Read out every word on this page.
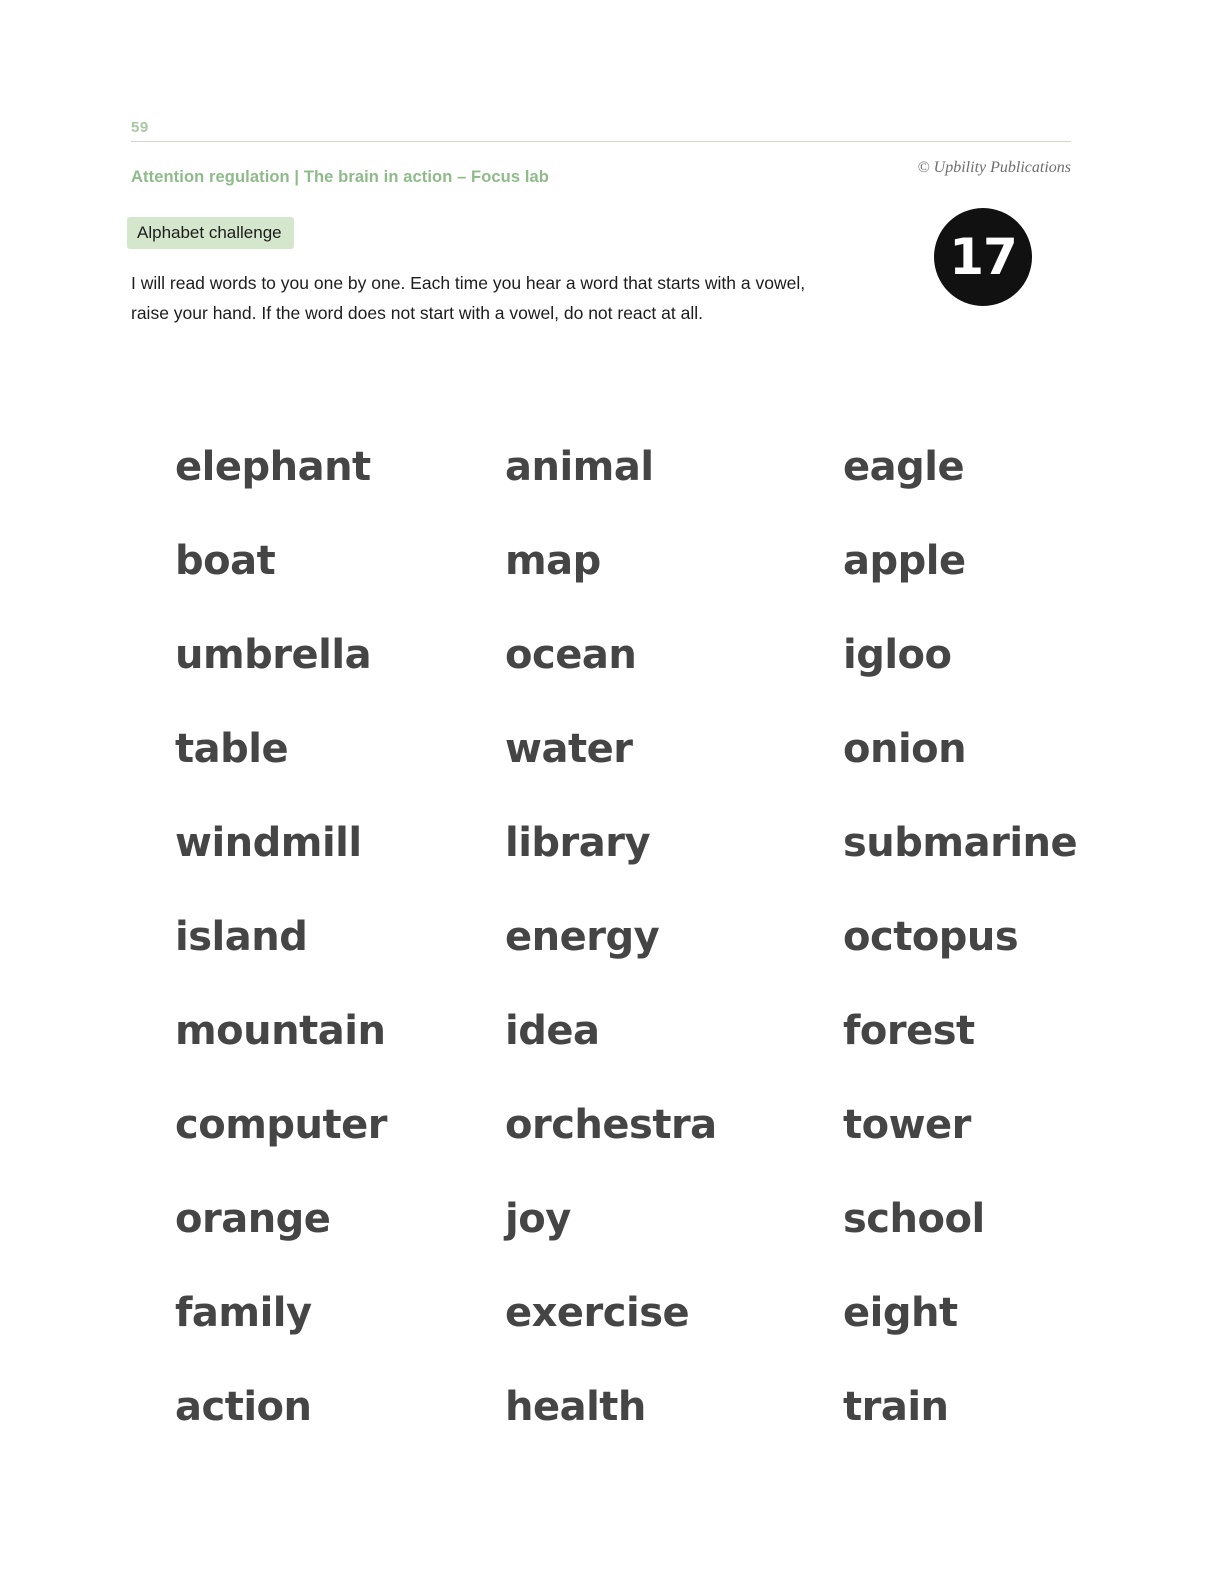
59
Attention regulation | The brain in action – Focus lab
© Upbility Publications
Alphabet challenge	17
I will read words to you one by one. Each time you hear a word that starts with a vowel, raise your hand. If the word does not start with a vowel, do not react at all.
elephant
boat
umbrella
table
windmill
island
mountain
computer
orange
family
action
animal
map
ocean
water
library
energy
idea
orchestra
joy
exercise
health
eagle
apple
igloo
onion
submarine
octopus
forest
tower
school
eight
train
